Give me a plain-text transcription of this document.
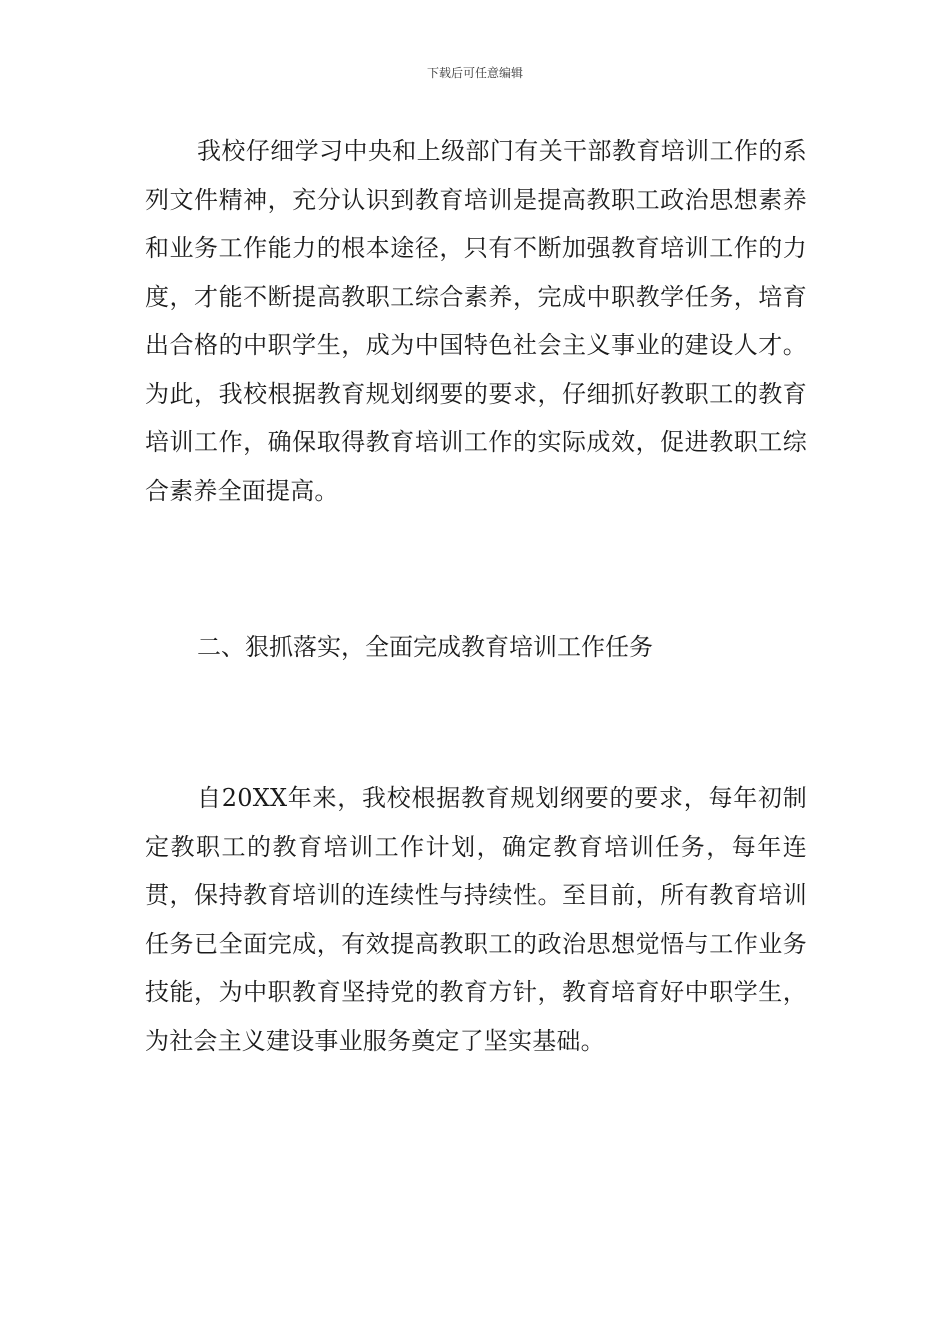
下载后可任意编辑

我校仔细学习中央和上级部门有关干部教育培训工作的系列文件精神，充分认识到教育培训是提高教职工政治思想素养和业务工作能力的根本途径，只有不断加强教育培训工作的力度，才能不断提高教职工综合素养，完成中职教学任务，培育出合格的中职学生，成为中国特色社会主义事业的建设人才。为此，我校根据教育规划纲要的要求，仔细抓好教职工的教育培训工作，确保取得教育培训工作的实际成效，促进教职工综合素养全面提高。

二、狠抓落实，全面完成教育培训工作任务

自20XX年来，我校根据教育规划纲要的要求，每年初制定教职工的教育培训工作计划，确定教育培训任务，每年连贯，保持教育培训的连续性与持续性。至目前，所有教育培训任务已全面完成，有效提高教职工的政治思想觉悟与工作业务技能，为中职教育坚持党的教育方针，教育培育好中职学生，为社会主义建设事业服务奠定了坚实基础。
